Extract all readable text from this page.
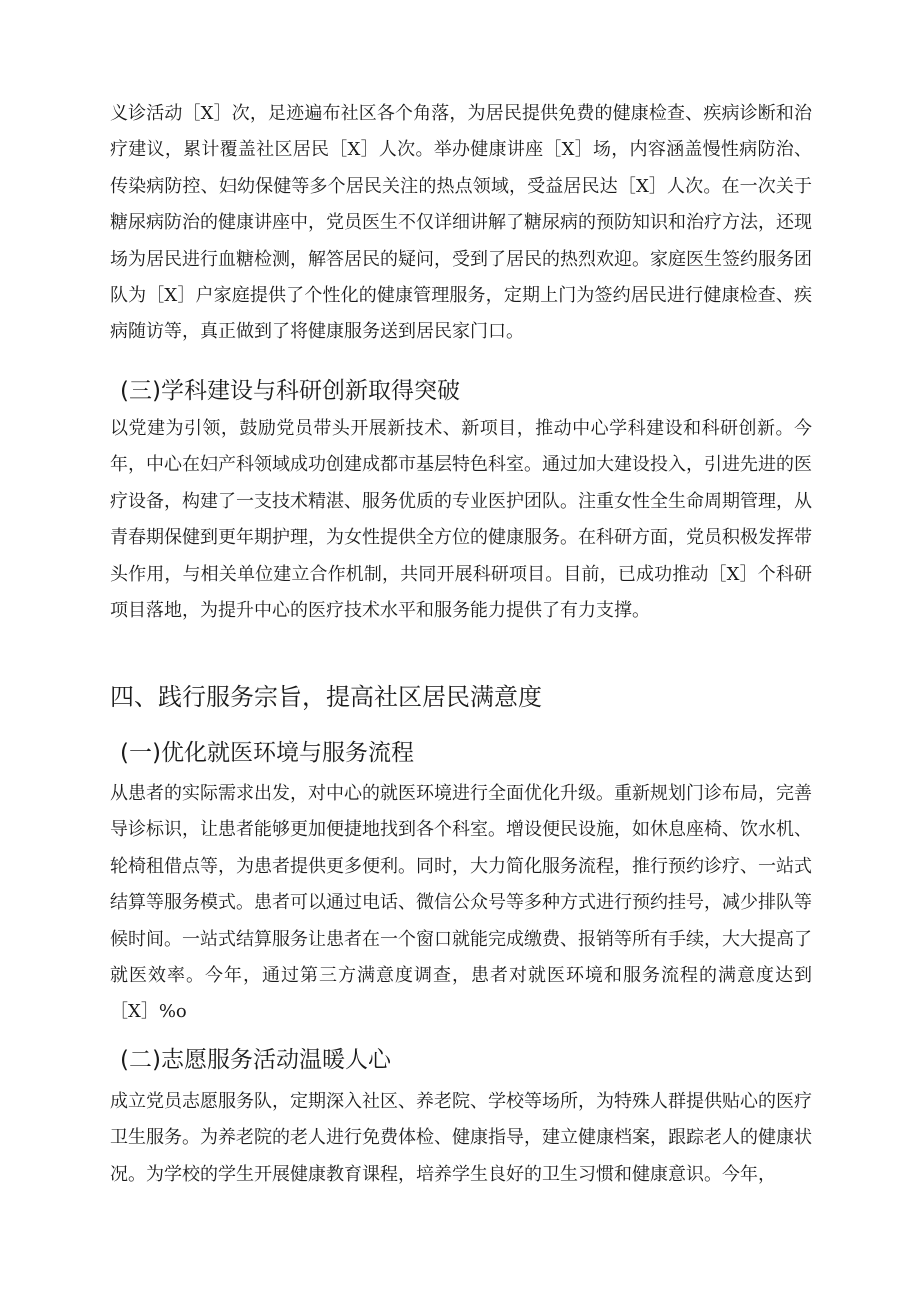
义诊活动［X］次，足迹遍布社区各个角落，为居民提供免费的健康检查、疾病诊断和治疗建议，累计覆盖社区居民［X］人次。举办健康讲座［X］场，内容涵盖慢性病防治、传染病防控、妇幼保健等多个居民关注的热点领域，受益居民达［X］人次。在一次关于糖尿病防治的健康讲座中，党员医生不仅详细讲解了糖尿病的预防知识和治疗方法，还现场为居民进行血糖检测，解答居民的疑问，受到了居民的热烈欢迎。家庭医生签约服务团队为［X］户家庭提供了个性化的健康管理服务，定期上门为签约居民进行健康检查、疾病随访等，真正做到了将健康服务送到居民家门口。

(三)学科建设与科研创新取得突破

以党建为引领，鼓励党员带头开展新技术、新项目，推动中心学科建设和科研创新。今年，中心在妇产科领域成功创建成都市基层特色科室。通过加大建设投入，引进先进的医疗设备，构建了一支技术精湛、服务优质的专业医护团队。注重女性全生命周期管理，从青春期保健到更年期护理，为女性提供全方位的健康服务。在科研方面，党员积极发挥带头作用，与相关单位建立合作机制，共同开展科研项目。目前，已成功推动［X］个科研项目落地，为提升中心的医疗技术水平和服务能力提供了有力支撑。

四、践行服务宗旨，提高社区居民满意度
(一)优化就医环境与服务流程

从患者的实际需求出发，对中心的就医环境进行全面优化升级。重新规划门诊布局，完善导诊标识，让患者能够更加便捷地找到各个科室。增设便民设施，如休息座椅、饮水机、轮椅租借点等，为患者提供更多便利。同时，大力简化服务流程，推行预约诊疗、一站式结算等服务模式。患者可以通过电话、微信公众号等多种方式进行预约挂号，减少排队等候时间。一站式结算服务让患者在一个窗口就能完成缴费、报销等所有手续，大大提高了就医效率。今年，通过第三方满意度调查，患者对就医环境和服务流程的满意度达到［X］%o

(二)志愿服务活动温暖人心

成立党员志愿服务队，定期深入社区、养老院、学校等场所，为特殊人群提供贴心的医疗卫生服务。为养老院的老人进行免费体检、健康指导，建立健康档案，跟踪老人的健康状况。为学校的学生开展健康教育课程，培养学生良好的卫生习惯和健康意识。今年，
